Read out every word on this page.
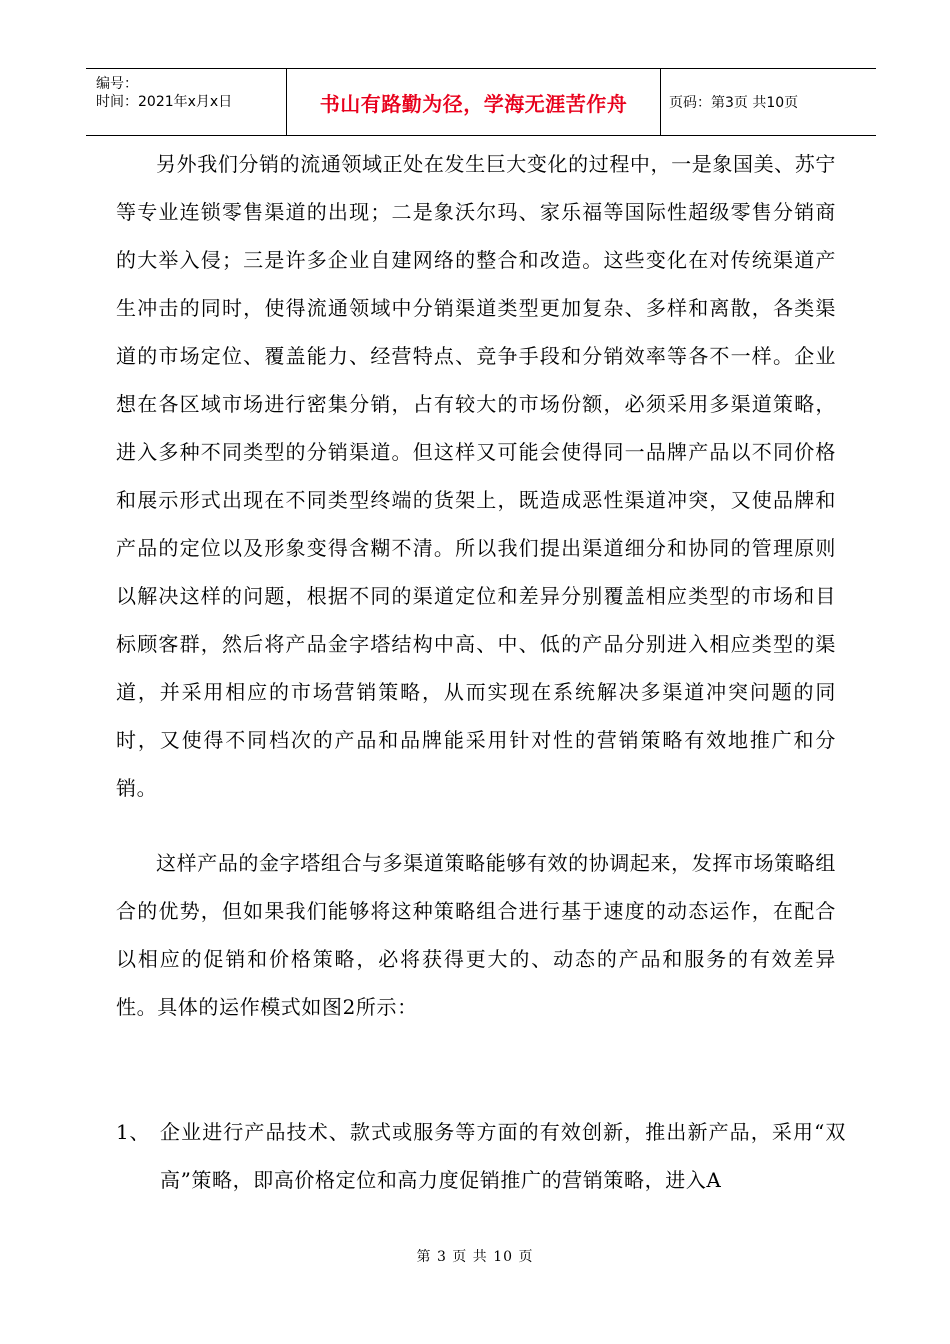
编号：
时间：2021年x月x日	书山有路勤为径，学海无涯苦作舟	页码：第3页 共10页

另外我们分销的流通领域正处在发生巨大变化的过程中，一是象国美、苏宁等专业连锁零售渠道的出现；二是象沃尔玛、家乐福等国际性超级零售分销商的大举入侵；三是许多企业自建网络的整合和改造。这些变化在对传统渠道产生冲击的同时，使得流通领域中分销渠道类型更加复杂、多样和离散，各类渠道的市场定位、覆盖能力、经营特点、竞争手段和分销效率等各不一样。企业想在各区域市场进行密集分销，占有较大的市场份额，必须采用多渠道策略，进入多种不同类型的分销渠道。但这样又可能会使得同一品牌产品以不同价格和展示形式出现在不同类型终端的货架上，既造成恶性渠道冲突，又使品牌和产品的定位以及形象变得含糊不清。所以我们提出渠道细分和协同的管理原则以解决这样的问题，根据不同的渠道定位和差异分别覆盖相应类型的市场和目标顾客群，然后将产品金字塔结构中高、中、低的产品分别进入相应类型的渠道，并采用相应的市场营销策略，从而实现在系统解决多渠道冲突问题的同时，又使得不同档次的产品和品牌能采用针对性的营销策略有效地推广和分销。

这样产品的金字塔组合与多渠道策略能够有效的协调起来，发挥市场策略组合的优势，但如果我们能够将这种策略组合进行基于速度的动态运作，在配合以相应的促销和价格策略，必将获得更大的、动态的产品和服务的有效差异性。具体的运作模式如图2所示：

1、 企业进行产品技术、款式或服务等方面的有效创新，推出新产品，采用“双高”策略，即高价格定位和高力度促销推广的营销策略，进入A

第 3 页 共 10 页
